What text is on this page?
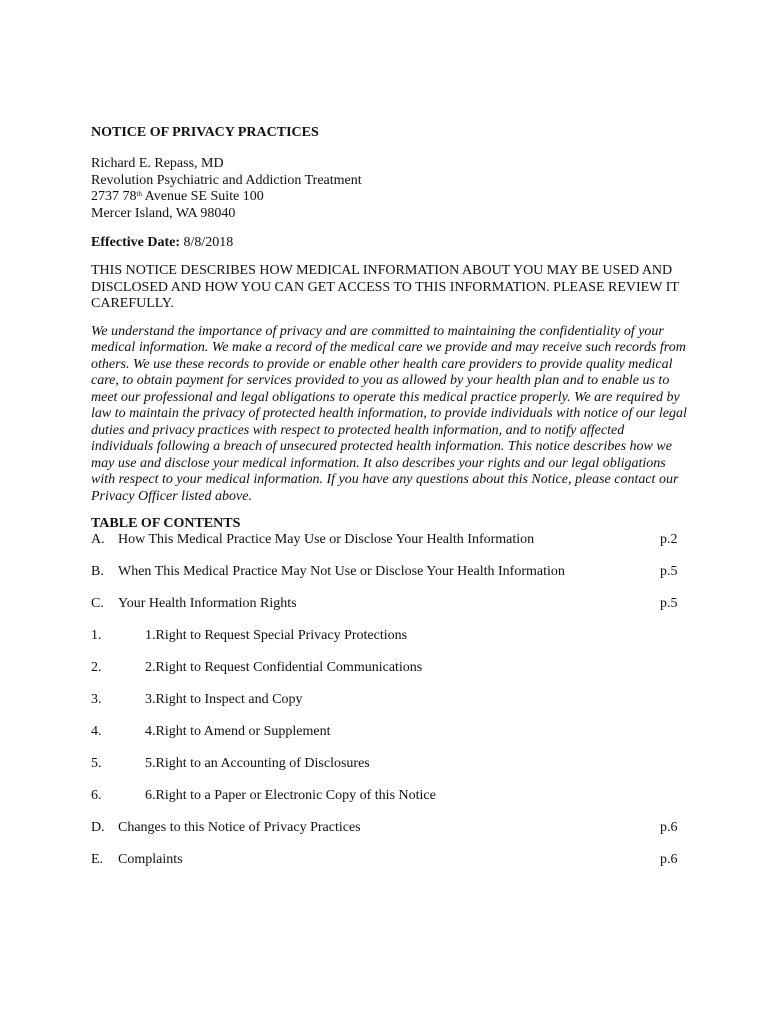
NOTICE OF PRIVACY PRACTICES
Richard E. Repass, MD
Revolution Psychiatric and Addiction Treatment
2737 78th Avenue SE Suite 100
Mercer Island, WA 98040
Effective Date: 8/8/2018
THIS NOTICE DESCRIBES HOW MEDICAL INFORMATION ABOUT YOU MAY BE USED AND DISCLOSED AND HOW YOU CAN GET ACCESS TO THIS INFORMATION. PLEASE REVIEW IT CAREFULLY.
We understand the importance of privacy and are committed to maintaining the confidentiality of your medical information. We make a record of the medical care we provide and may receive such records from others. We use these records to provide or enable other health care providers to provide quality medical care, to obtain payment for services provided to you as allowed by your health plan and to enable us to meet our professional and legal obligations to operate this medical practice properly. We are required by law to maintain the privacy of protected health information, to provide individuals with notice of our legal duties and privacy practices with respect to protected health information, and to notify affected individuals following a breach of unsecured protected health information. This notice describes how we may use and disclose your medical information. It also describes your rights and our legal obligations with respect to your medical information. If you have any questions about this Notice, please contact our Privacy Officer listed above.
TABLE OF CONTENTS
A. How This Medical Practice May Use or Disclose Your Health Information	p.2
B. When This Medical Practice May Not Use or Disclose Your Health Information	p.5
C. Your Health Information Rights	p.5
1.	1.Right to Request Special Privacy Protections
2.	2.Right to Request Confidential Communications
3.	3.Right to Inspect and Copy
4.	4.Right to Amend or Supplement
5.	5.Right to an Accounting of Disclosures
6.	6.Right to a Paper or Electronic Copy of this Notice
D. Changes to this Notice of Privacy Practices	p.6
E. Complaints	p.6
